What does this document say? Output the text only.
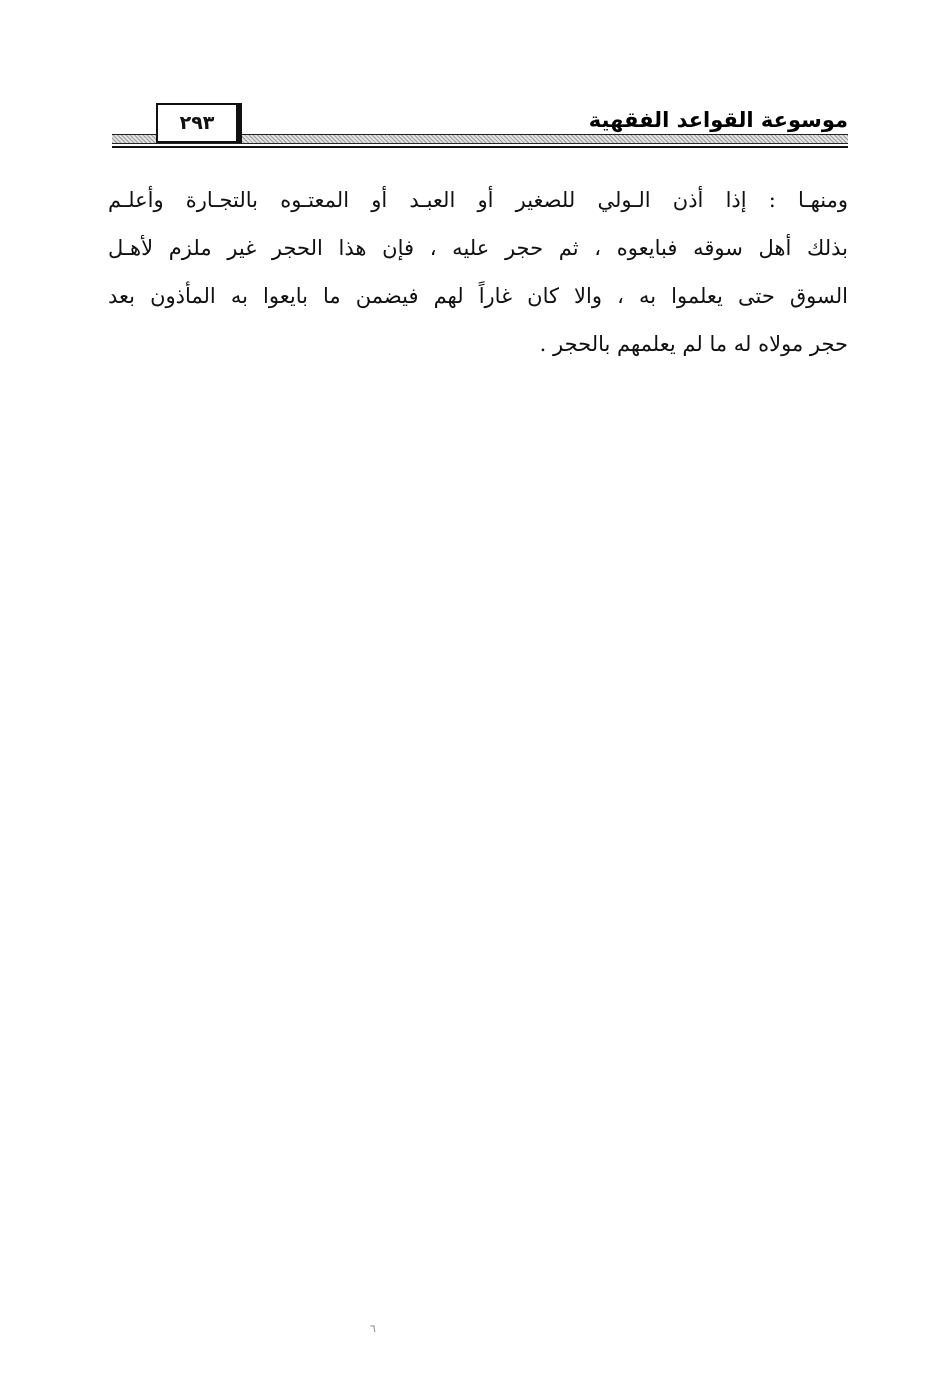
موسوعة القواعد الفقهية
٢٩٣
ومنهـا : إذا أذن الـولي للصغير أو العبـد أو المعتـوه بالتجـارة وأعلـم
بذلك أهل سوقه فبايعوه ، ثم حجر عليه ، فإن هذا الحجر غير ملزم لأهـل
السوق حتى يعلموا به ، والا كان غاراً لهم فيضمن ما بايعوا به المأذون بعد
حجر مولاه له ما لم يعلمهم بالحجر .
٦
